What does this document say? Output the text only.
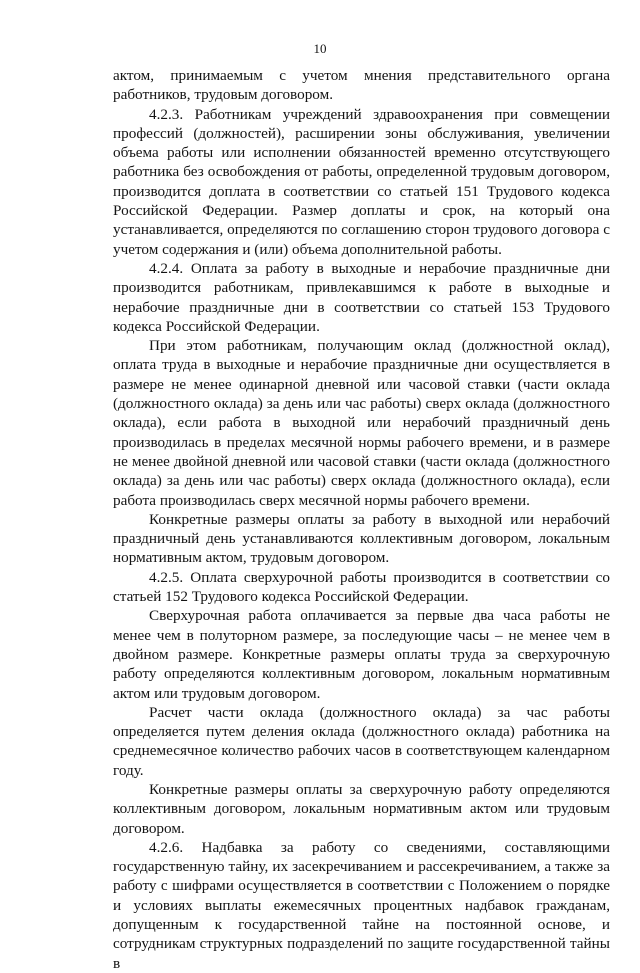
10

актом, принимаемым с учетом мнения представительного органа работников, трудовым договором.

4.2.3. Работникам учреждений здравоохранения при совмещении профессий (должностей), расширении зоны обслуживания, увеличении объема работы или исполнении обязанностей временно отсутствующего работника без освобождения от работы, определенной трудовым договором, производится доплата в соответствии со статьей 151 Трудового кодекса Российской Федерации. Размер доплаты и срок, на который она устанавливается, определяются по соглашению сторон трудового договора с учетом содержания и (или) объема дополнительной работы.

4.2.4. Оплата за работу в выходные и нерабочие праздничные дни производится работникам, привлекавшимся к работе в выходные и нерабочие праздничные дни в соответствии со статьей 153 Трудового кодекса Российской Федерации.

При этом работникам, получающим оклад (должностной оклад), оплата труда в выходные и нерабочие праздничные дни осуществляется в размере не менее одинарной дневной или часовой ставки (части оклада (должностного оклада) за день или час работы) сверх оклада (должностного оклада), если работа в выходной или нерабочий праздничный день производилась в пределах месячной нормы рабочего времени, и в размере не менее двойной дневной или часовой ставки (части оклада (должностного оклада) за день или час работы) сверх оклада (должностного оклада), если работа производилась сверх месячной нормы рабочего времени.

Конкретные размеры оплаты за работу в выходной или нерабочий праздничный день устанавливаются коллективным договором, локальным нормативным актом, трудовым договором.

4.2.5. Оплата сверхурочной работы производится в соответствии со статьей 152 Трудового кодекса Российской Федерации.

Сверхурочная работа оплачивается за первые два часа работы не менее чем в полуторном размере, за последующие часы – не менее чем в двойном размере. Конкретные размеры оплаты труда за сверхурочную работу определяются коллективным договором, локальным нормативным актом или трудовым договором.

Расчет части оклада (должностного оклада) за час работы определяется путем деления оклада (должностного оклада) работника на среднемесячное количество рабочих часов в соответствующем календарном году.

Конкретные размеры оплаты за сверхурочную работу определяются коллективным договором, локальным нормативным актом или трудовым договором.

4.2.6. Надбавка за работу со сведениями, составляющими государственную тайну, их засекречиванием и рассекречиванием, а также за работу с шифрами осуществляется в соответствии с Положением о порядке и условиях выплаты ежемесячных процентных надбавок гражданам, допущенным к государственной тайне на постоянной основе, и сотрудникам структурных подразделений по защите государственной тайны в
